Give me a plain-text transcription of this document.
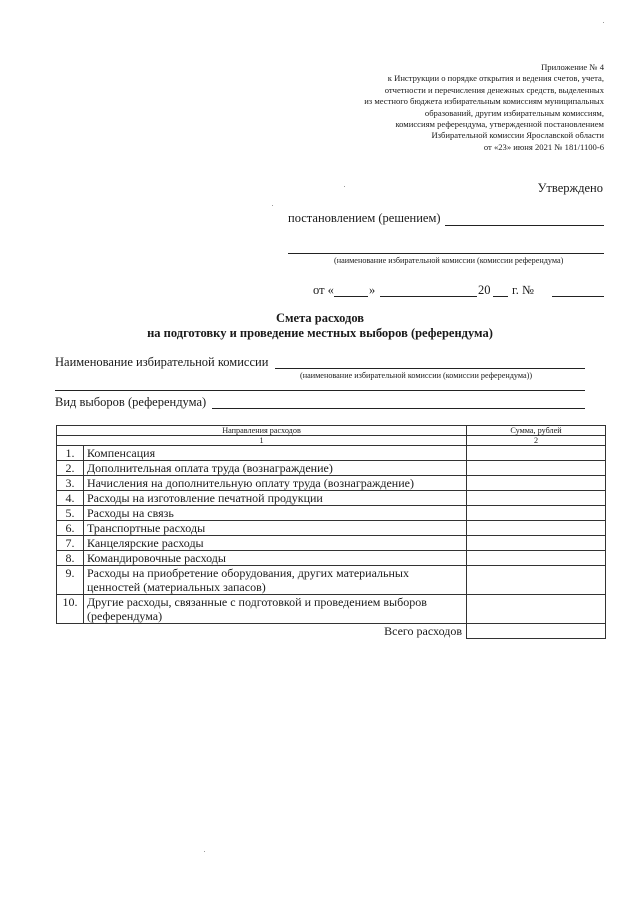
Приложение № 4
к Инструкции о порядке открытия и ведения счетов, учета,
отчетности и перечисления денежных средств, выделенных
из местного бюджета избирательным комиссиям муниципальных
образований, другим избирательным комиссиям,
комиссиям референдума, утвержденной постановлением
Избирательной комиссии Ярославской области
от «23» июня 2021 № 181/1100-6
Утверждено
постановлением (решением)
(наименование избирательной комиссии (комиссии референдума)
от «	»	20 г. №
Смета расходов
на подготовку и проведение местных выборов (референдума)
Наименование избирательной комиссии
(наименование избирательной комиссии (комиссии референдума))
Вид выборов (референдума)
Направления расходов		Сумма, рублей
1		2
1.	Компенсация	
2.	Дополнительная оплата труда (вознаграждение)	
3.	Начисления на дополнительную оплату труда (вознаграждение)	
4.	Расходы на изготовление печатной продукции	
5.	Расходы на связь	
6.	Транспортные расходы	
7.	Канцелярские расходы	
8.	Командировочные расходы	
9.	Расходы на приобретение оборудования, других материальных ценностей (материальных запасов)	
10.	Другие расходы, связанные с подготовкой и проведением выборов (референдума)	
	Всего расходов	
